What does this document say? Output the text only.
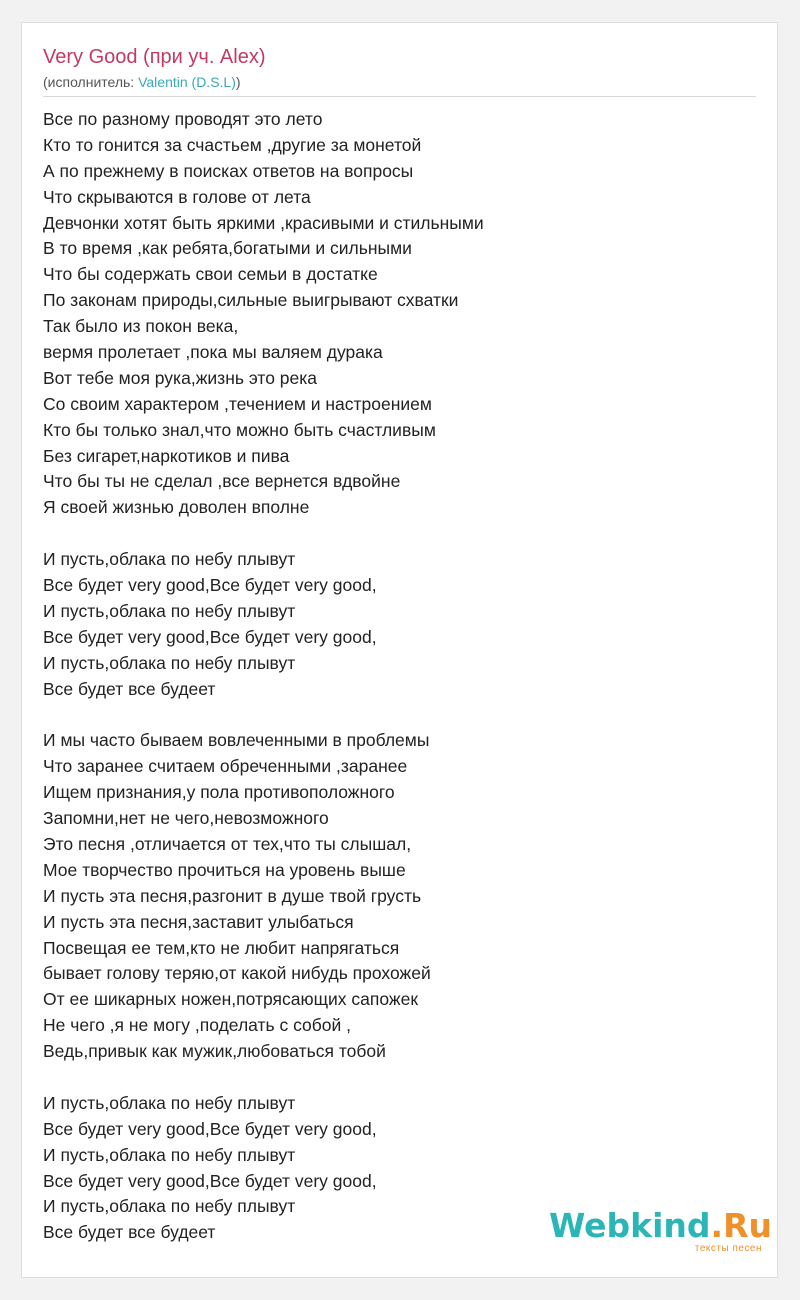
Very Good (при уч. Alex)
(исполнитель: Valentin (D.S.L))
Все по разному проводят это лето
Кто то гонится за счастьем ,другие за монетой
А по прежнему в поисках ответов на вопросы
Что скрываются в голове от лета
Девчонки хотят быть яркими ,красивыми и стильными
В то время ,как ребята,богатыми и сильными
Что бы содержать свои семьи в достатке
По законам природы,сильные выигрывают схватки
Так было из покон века,
вермя пролетает ,пока мы валяем дурака
Вот тебе моя рука,жизнь это река
Со своим характером ,течением и настроением
Кто бы только знал,что можно быть счастливым
Без сигарет,наркотиков и пива
Что бы ты не сделал ,все вернется вдвойне
Я своей жизнью доволен вполне
И пусть,облака по небу плывут
Все будет very good,Все будет very good,
И пусть,облака по небу плывут
Все будет very good,Все будет very good,
И пусть,облака по небу плывут
Все будет все будеет
И мы часто бываем вовлеченными в проблемы
Что заранее считаем обреченными ,заранее
Ищем признания,у пола противоположного
Запомни,нет не чего,невозможного
Это песня ,отличается от тех,что ты слышал,
Мое творчество прочиться на уровень выше
И пусть эта песня,разгонит в душе твой грусть
И пусть эта песня,заставит улыбаться
Посвещая ее тем,кто не любит напрягаться
бывает голову теряю,от какой нибудь прохожей
От ее шикарных ножен,потрясающих сапожек
Не чего ,я не могу ,поделать с собой ,
Ведь,привык как мужик,любоваться тобой
И пусть,облака по небу плывут
Все будет very good,Все будет very good,
И пусть,облака по небу плывут
Все будет very good,Все будет very good,
И пусть,облака по небу плывут
Все будет все будеет	Webkind.Ru
тексты песен
